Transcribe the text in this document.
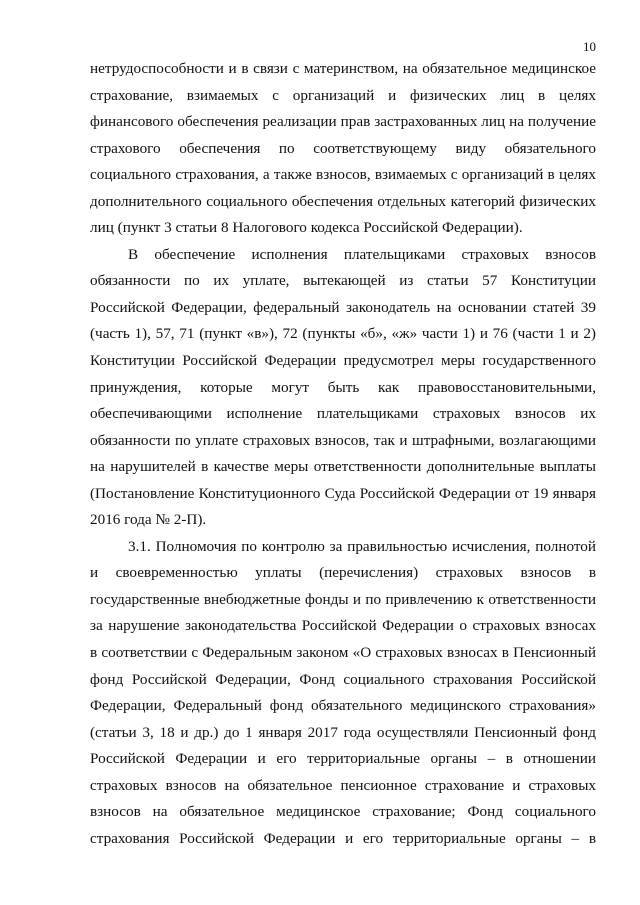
10
нетрудоспособности и в связи с материнством, на обязательное медицинское
страхование, взимаемых с организаций и физических лиц в целях
финансового обеспечения реализации прав застрахованных лиц на получение
страхового обеспечения по соответствующему виду обязательного
социального страхования, а также взносов, взимаемых с организаций в целях
дополнительного социального обеспечения отдельных категорий физических
лиц (пункт 3 статьи 8 Налогового кодекса Российской Федерации).
В обеспечение исполнения плательщиками страховых взносов
обязанности по их уплате, вытекающей из статьи 57 Конституции
Российской Федерации, федеральный законодатель на основании статей 39
(часть 1), 57, 71 (пункт «в»), 72 (пункты «б», «ж» части 1) и 76 (части 1 и 2)
Конституции Российской Федерации предусмотрел меры государственного
принуждения, которые могут быть как правовосстановительными,
обеспечивающими исполнение плательщиками страховых взносов их
обязанности по уплате страховых взносов, так и штрафными, возлагающими
на нарушителей в качестве меры ответственности дополнительные выплаты
(Постановление Конституционного Суда Российской Федерации от 19 января
2016 года № 2-П).
3.1. Полномочия по контролю за правильностью исчисления, полнотой
и своевременностью уплаты (перечисления) страховых взносов в
государственные внебюджетные фонды и по привлечению к ответственности
за нарушение законодательства Российской Федерации о страховых взносах
в соответствии с Федеральным законом «О страховых взносах в Пенсионный
фонд Российской Федерации, Фонд социального страхования Российской
Федерации, Федеральный фонд обязательного медицинского страхования»
(статьи 3, 18 и др.) до 1 января 2017 года осуществляли Пенсионный фонд
Российской Федерации и его территориальные органы – в отношении
страховых взносов на обязательное пенсионное страхование и страховых
взносов на обязательное медицинское страхование; Фонд социального
страхования Российской Федерации и его территориальные органы – в
